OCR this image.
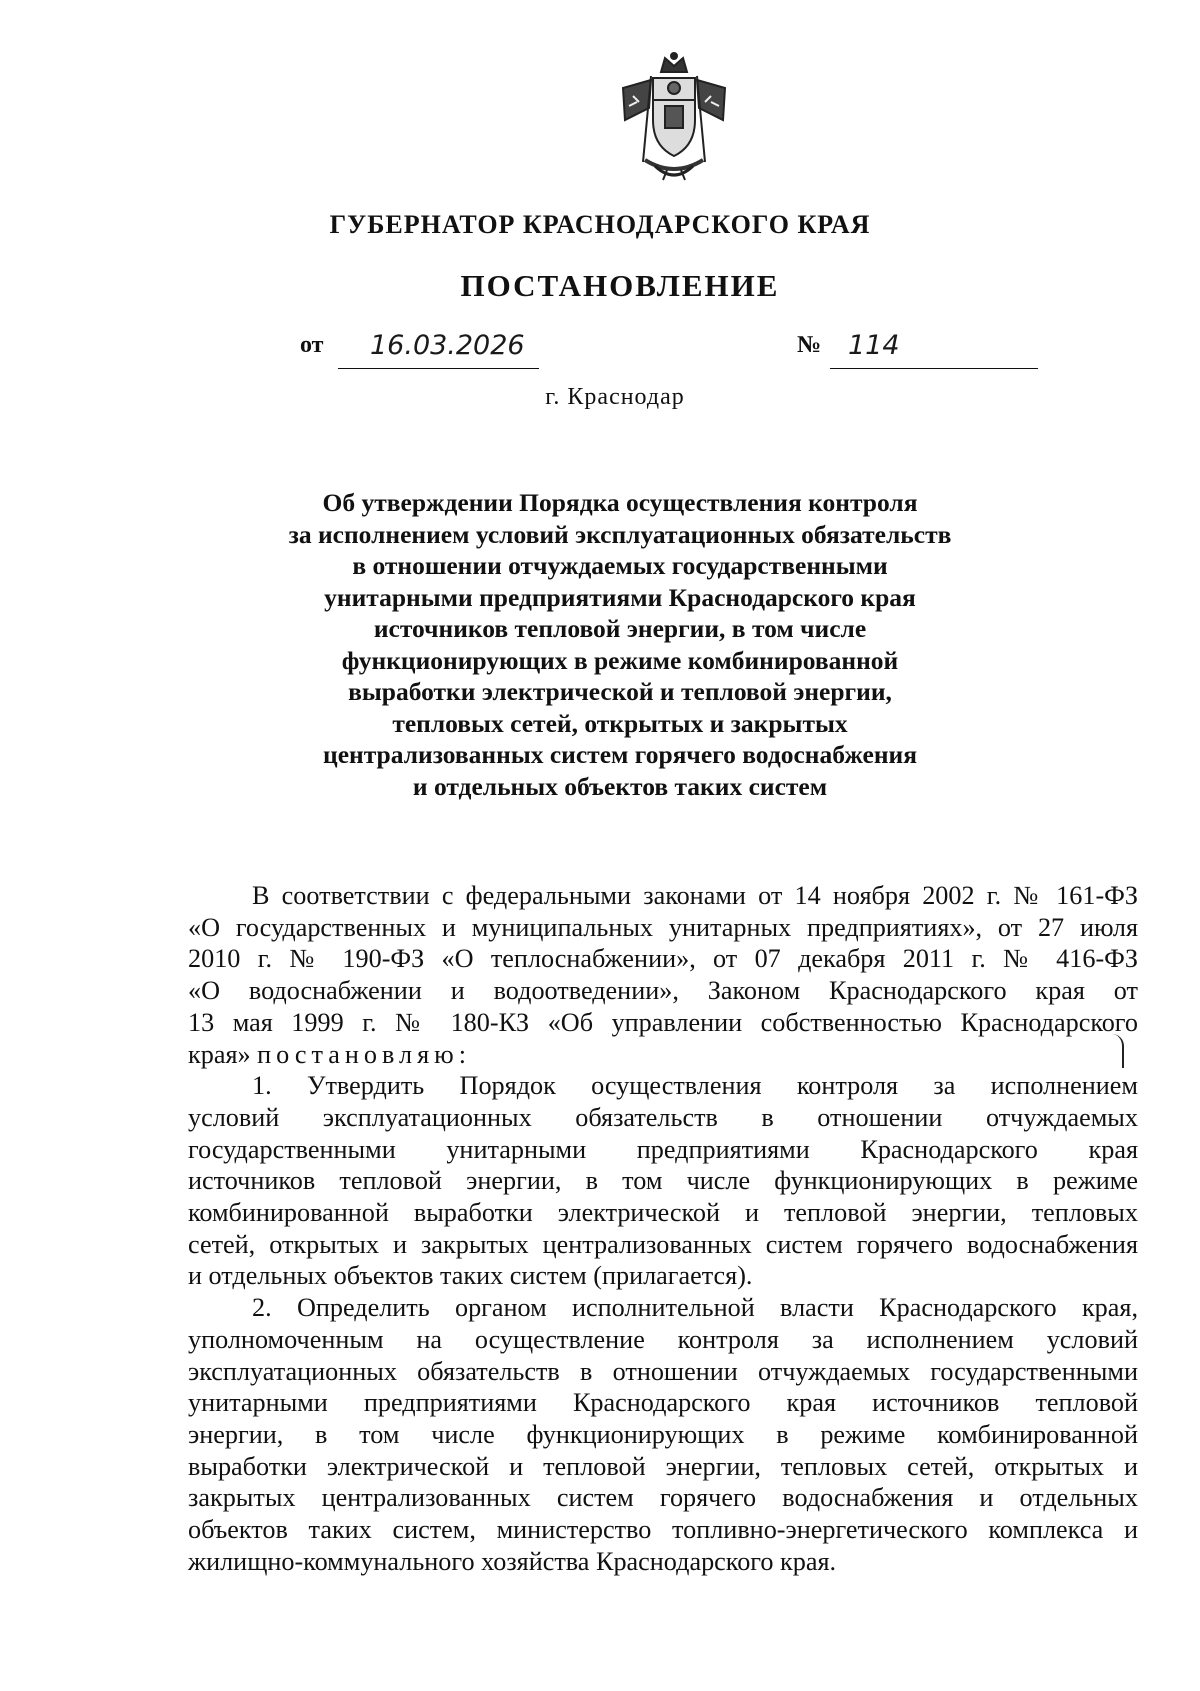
ГУБЕРНАТОР КРАСНОДАРСКОГО КРАЯ
ПОСТАНОВЛЕНИЕ
от 16.03.2026	№ 114
г. Краснодар
Об утверждении Порядка осуществления контроля
за исполнением условий эксплуатационных обязательств
в отношении отчуждаемых государственными
унитарными предприятиями Краснодарского края
источников тепловой энергии, в том числе
функционирующих в режиме комбинированной
выработки электрической и тепловой энергии,
тепловых сетей, открытых и закрытых
централизованных систем горячего водоснабжения
и отдельных объектов таких систем
В соответствии с федеральными законами от 14 ноября 2002 г. № 161-ФЗ
«О государственных и муниципальных унитарных предприятиях», от 27 июля
2010 г. № 190-ФЗ «О теплоснабжении», от 07 декабря 2011 г. № 416-ФЗ
«О водоснабжении и водоотведении», Законом Краснодарского края от
13 мая 1999 г. № 180-КЗ «Об управлении собственностью Краснодарского
края» постановляю:
1. Утвердить Порядок осуществления контроля за исполнением
условий эксплуатационных обязательств в отношении отчуждаемых
государственными унитарными предприятиями Краснодарского края
источников тепловой энергии, в том числе функционирующих в режиме
комбинированной выработки электрической и тепловой энергии, тепловых
сетей, открытых и закрытых централизованных систем горячего водоснабжения
и отдельных объектов таких систем (прилагается).
2. Определить органом исполнительной власти Краснодарского края,
уполномоченным на осуществление контроля за исполнением условий
эксплуатационных обязательств в отношении отчуждаемых государственными
унитарными предприятиями Краснодарского края источников тепловой
энергии, в том числе функционирующих в режиме комбинированной
выработки электрической и тепловой энергии, тепловых сетей, открытых и
закрытых централизованных систем горячего водоснабжения и отдельных
объектов таких систем, министерство топливно-энергетического комплекса и
жилищно-коммунального хозяйства Краснодарского края.
